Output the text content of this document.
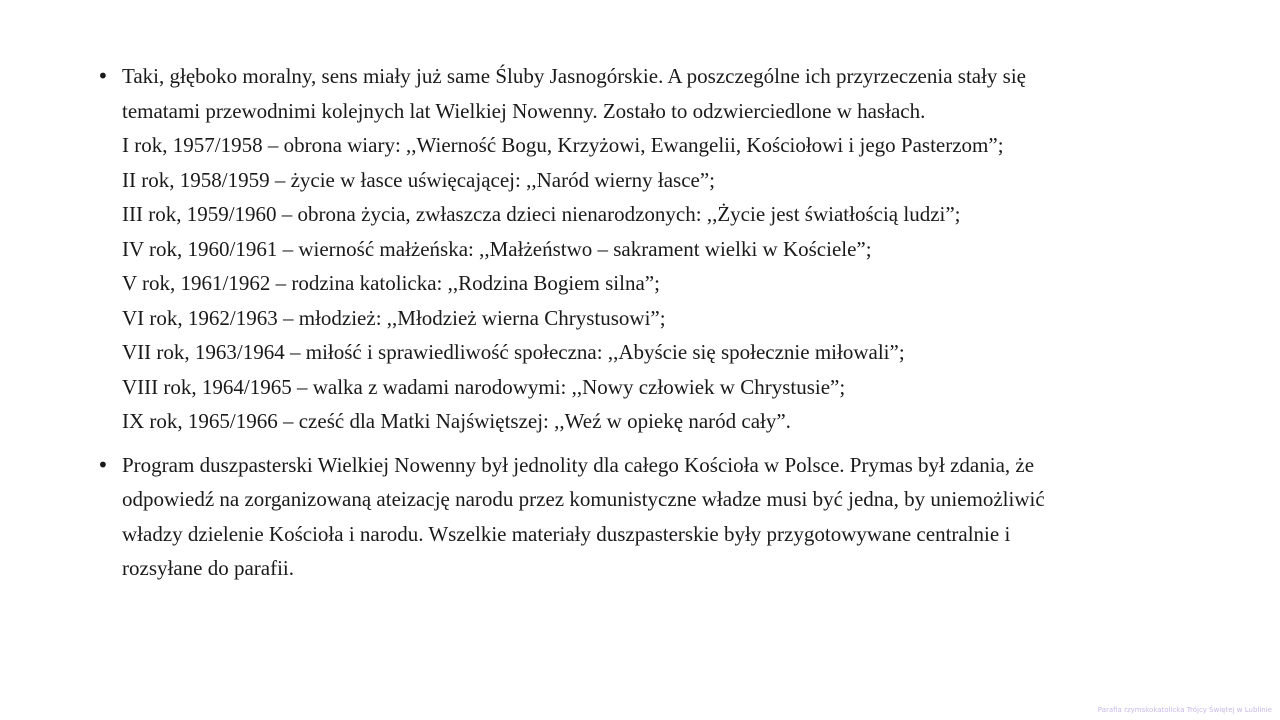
• Taki, głęboko moralny, sens miały już same Śluby Jasnogórskie. A poszczególne ich przyrzeczenia stały się
tematami przewodnimi kolejnych lat Wielkiej Nowenny. Zostało to odzwierciedlone w hasłach.
I rok, 1957/1958 – obrona wiary: ,,Wierność Bogu, Krzyżowi, Ewangelii, Kościołowi i jego Pasterzom”;
II rok, 1958/1959 – życie w łasce uświęcającej: ,,Naród wierny łasce”;
III rok, 1959/1960 – obrona życia, zwłaszcza dzieci nienarodzonych: ,,Życie jest światłością ludzi”;
IV rok, 1960/1961 – wierność małżeńska: ,,Małżeństwo – sakrament wielki w Kościele”;
V rok, 1961/1962 – rodzina katolicka: ,,Rodzina Bogiem silna”;
VI rok, 1962/1963 – młodzież: ,,Młodzież wierna Chrystusowi”;
VII rok, 1963/1964 – miłość i sprawiedliwość społeczna: ,,Abyście się społecznie miłowali”;
VIII rok, 1964/1965 – walka z wadami narodowymi: ,,Nowy człowiek w Chrystusie”;
IX rok, 1965/1966 – cześć dla Matki Najświętszej: ,,Weź w opiekę naród cały”.
• Program duszpasterski Wielkiej Nowenny był jednolity dla całego Kościoła w Polsce. Prymas był zdania, że
odpowiedź na zorganizowaną ateizację narodu przez komunistyczne władze musi być jedna, by uniemożliwić
władzy dzielenie Kościoła i narodu. Wszelkie materiały duszpasterskie były przygotowywane centralnie i
rozsyłane do parafii.
Parafia rzymskokatolicka Trójcy Świętej w Lublinie
